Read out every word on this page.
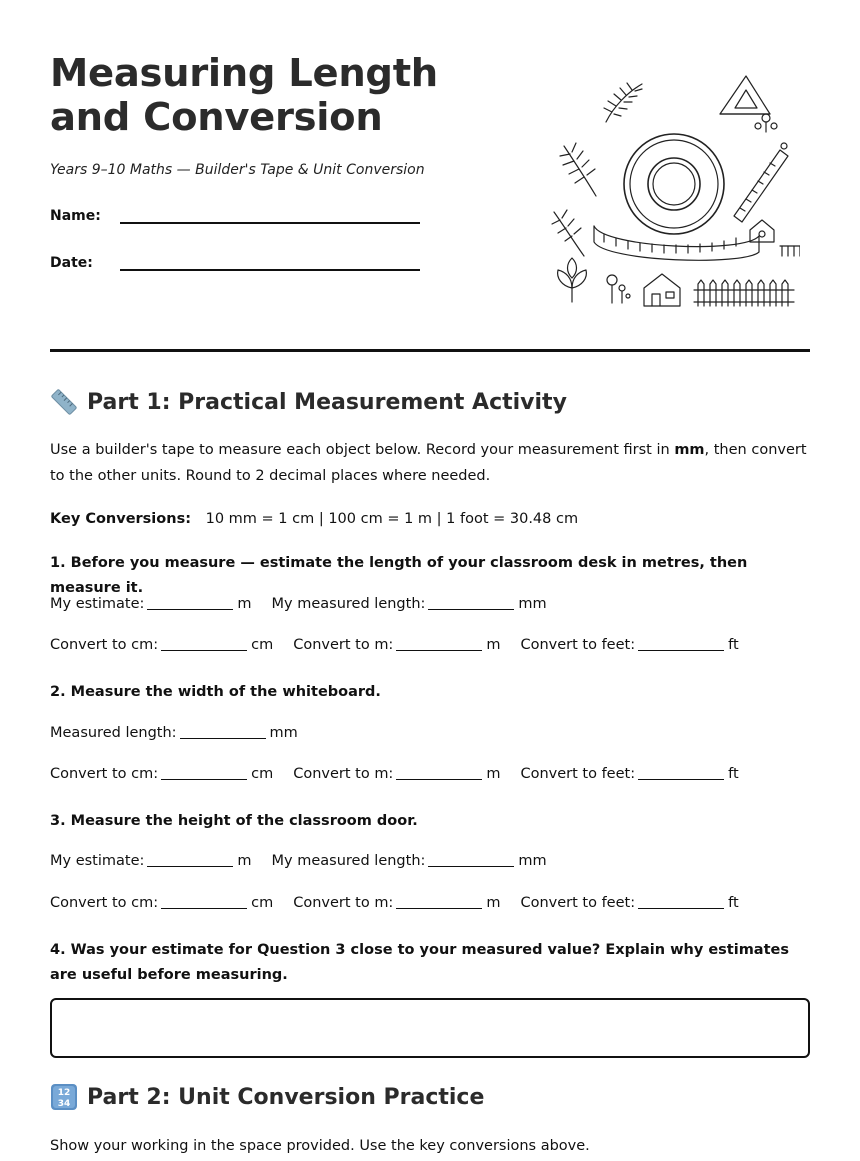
Measuring Length and Conversion
Years 9–10 Maths — Builder's Tape & Unit Conversion
Name:
Date:
Part 1: Practical Measurement Activity

Use a builder's tape to measure each object below. Record your measurement first in mm, then convert to the other units. Round to 2 decimal places where needed.

Key Conversions: 10 mm = 1 cm | 100 cm = 1 m | 1 foot = 30.48 cm

1. Before you measure — estimate the length of your classroom desk in metres, then measure it.

My estimate:	m My measured length:	mm
Convert to cm:	cm Convert to m:	m Convert to feet:	ft

2. Measure the width of the whiteboard.

Measured length:	mm
Convert to cm:	cm Convert to m:	m Convert to feet:	ft

3. Measure the height of the classroom door.

My estimate:	m My measured length:	mm
Convert to cm:	cm Convert to m:	m Convert to feet:	ft

4. Was your estimate for Question 3 close to your measured value? Explain why estimates are useful before measuring.

12
34 Part 2: Unit Conversion Practice

Show your working in the space provided. Use the key conversions above.
